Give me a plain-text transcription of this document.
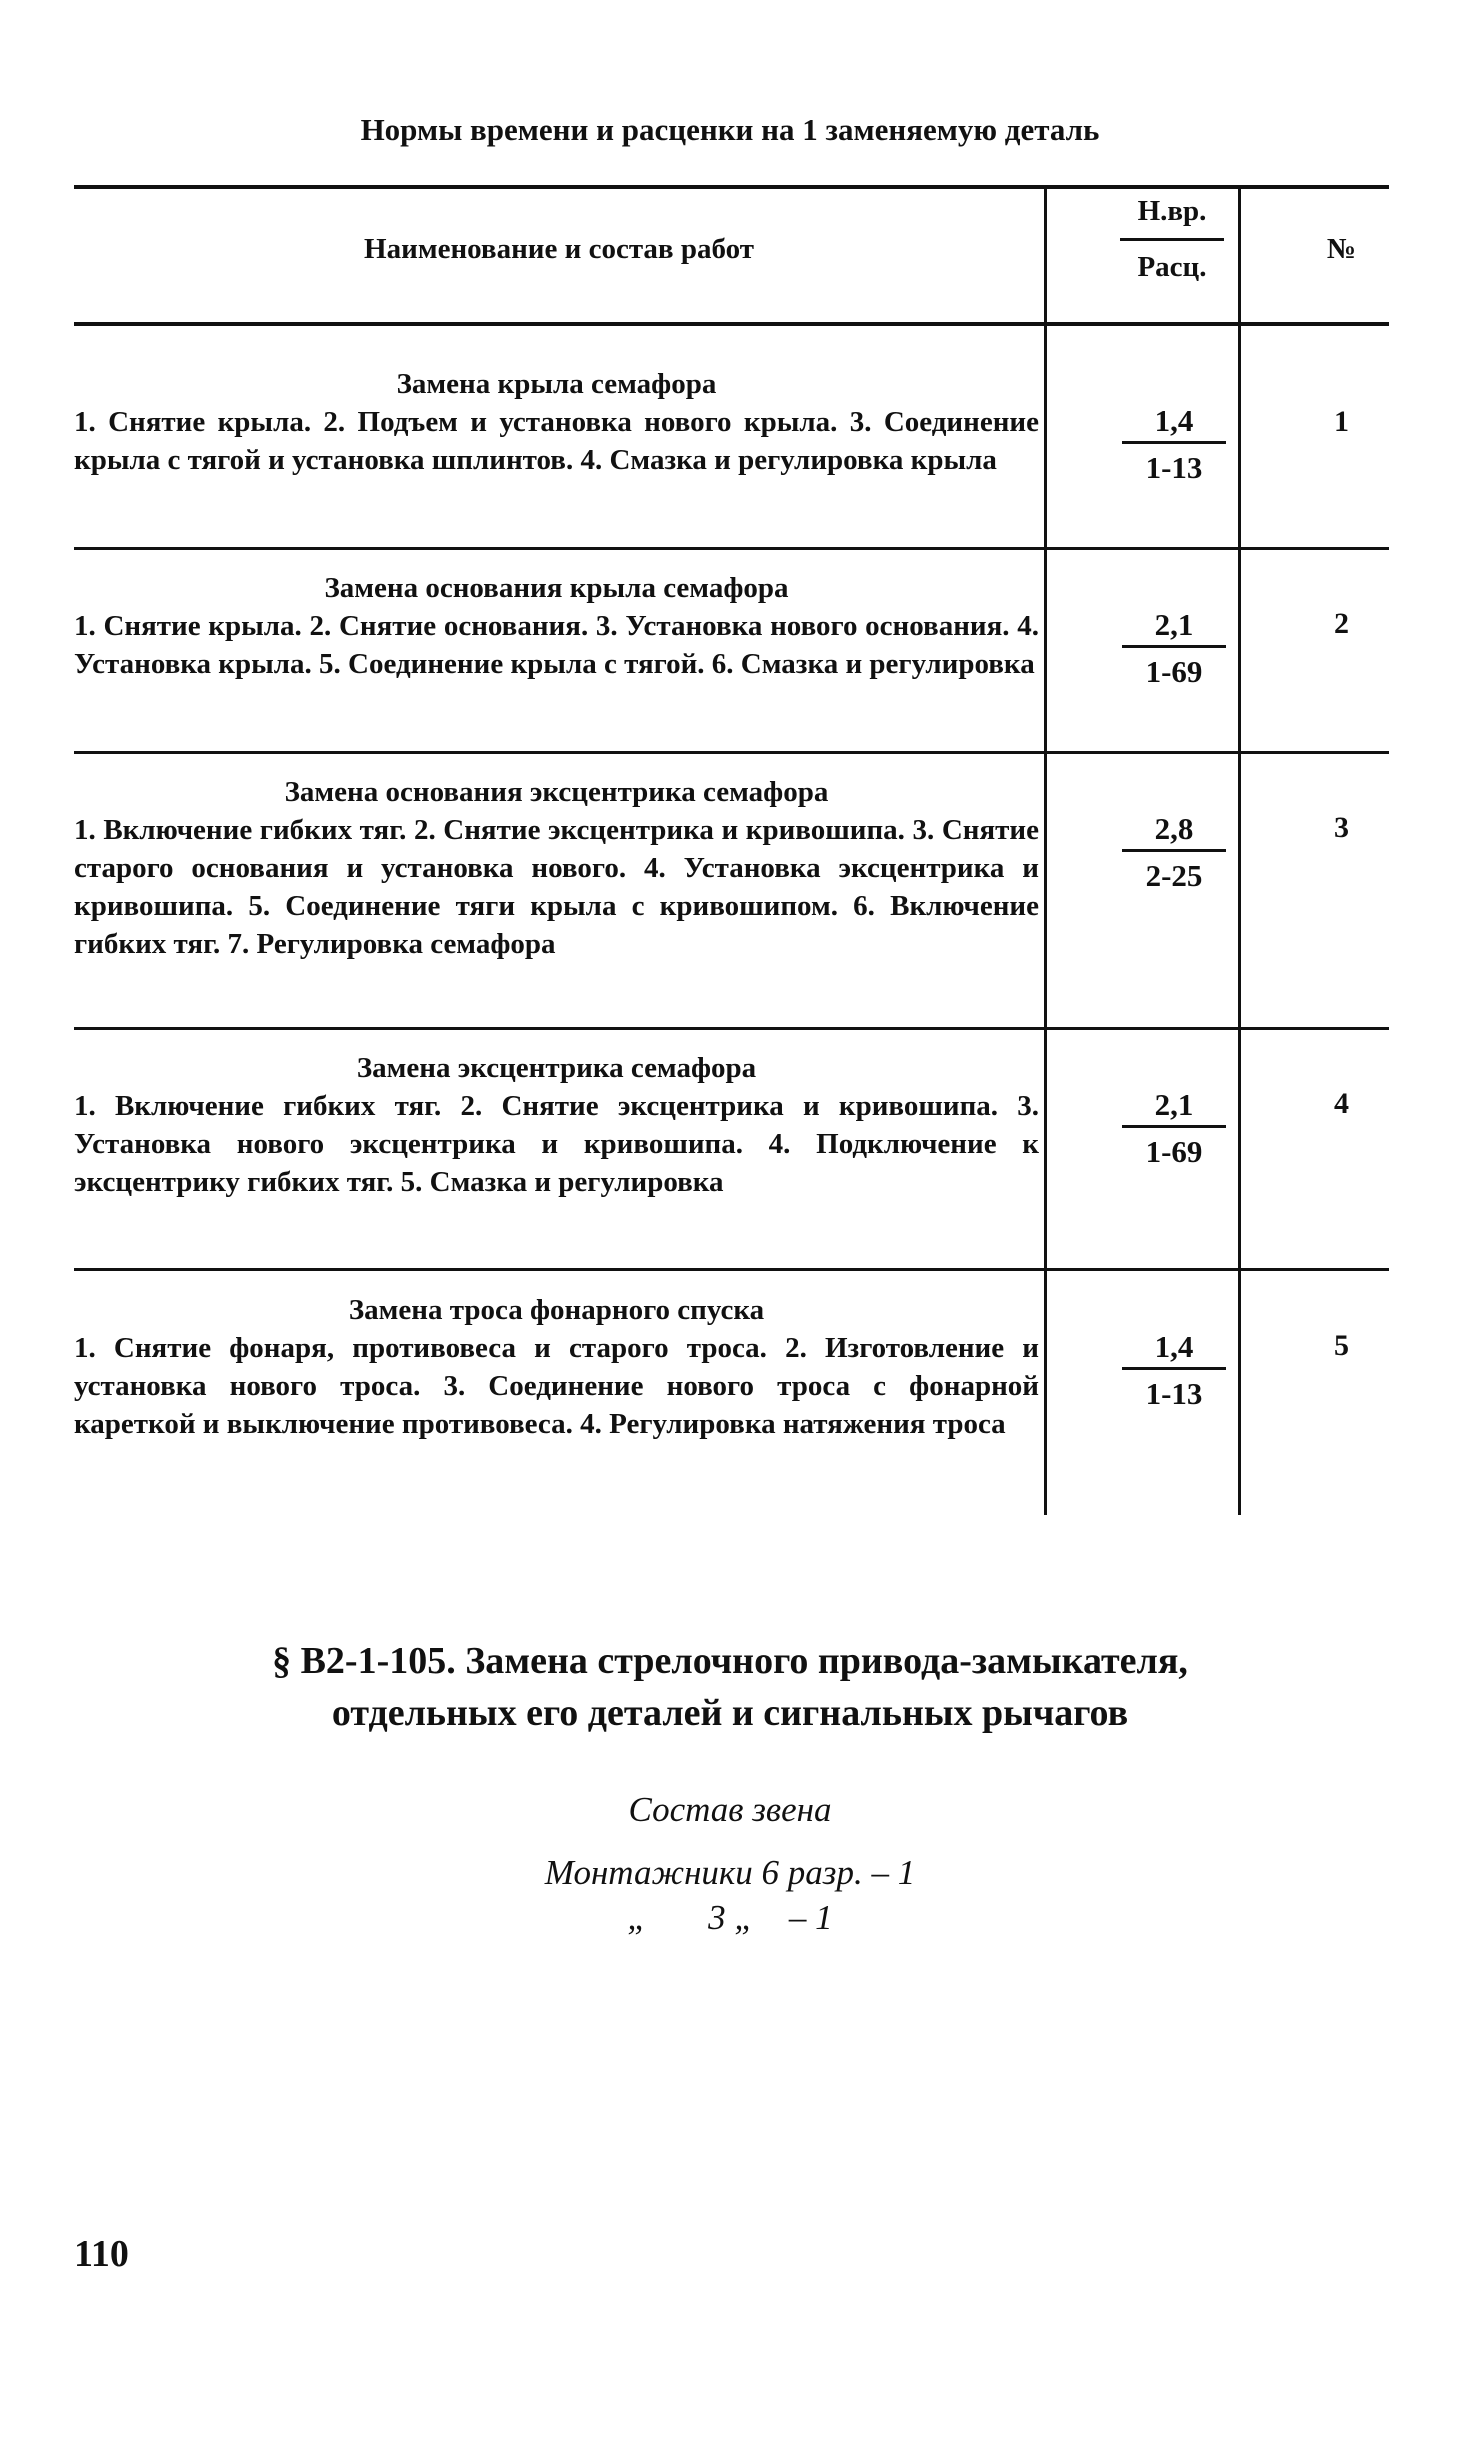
Нормы времени и расценки на 1 заменяемую деталь
Наименование и состав работ
Н.вр.
Расц.
№
Замена крыла семафора
1. Снятие крыла. 2. Подъем и установка нового крыла. 3. Соединение крыла с тягой и установка шплинтов. 4. Смазка и регулировка крыла
1,4
1-13
1
Замена основания крыла семафора
1. Снятие крыла. 2. Снятие основания. 3. Установка нового основания. 4. Установка крыла. 5. Соединение крыла с тягой. 6. Смазка и регулировка
2,1
1-69
2
Замена основания эксцентрика семафора
1. Включение гибких тяг. 2. Снятие эксцентрика и кривошипа. 3. Снятие старого основания и установка нового. 4. Установка эксцентрика и кривошипа. 5. Соединение тяги крыла с кривошипом. 6. Включение гибких тяг. 7. Регулировка семафора
2,8
2-25
3
Замена эксцентрика семафора
1. Включение гибких тяг. 2. Снятие эксцентрика и кривошипа. 3. Установка нового эксцентрика и кривошипа. 4. Подключение к эксцентрику гибких тяг. 5. Смазка и регулировка
2,1
1-69
4
Замена троса фонарного спуска
1. Снятие фонаря, противовеса и старого троса. 2. Изготовление и установка нового троса. 3. Соединение нового троса с фонарной кареткой и выключение противовеса. 4. Регулировка натяжения троса
1,4
1-13
5
§ В2-1-105. Замена стрелочного привода-замыкателя,
отдельных его деталей и сигнальных рычагов
Состав звена
Монтажники 6 разр. – 1
„       3 „    – 1
110
